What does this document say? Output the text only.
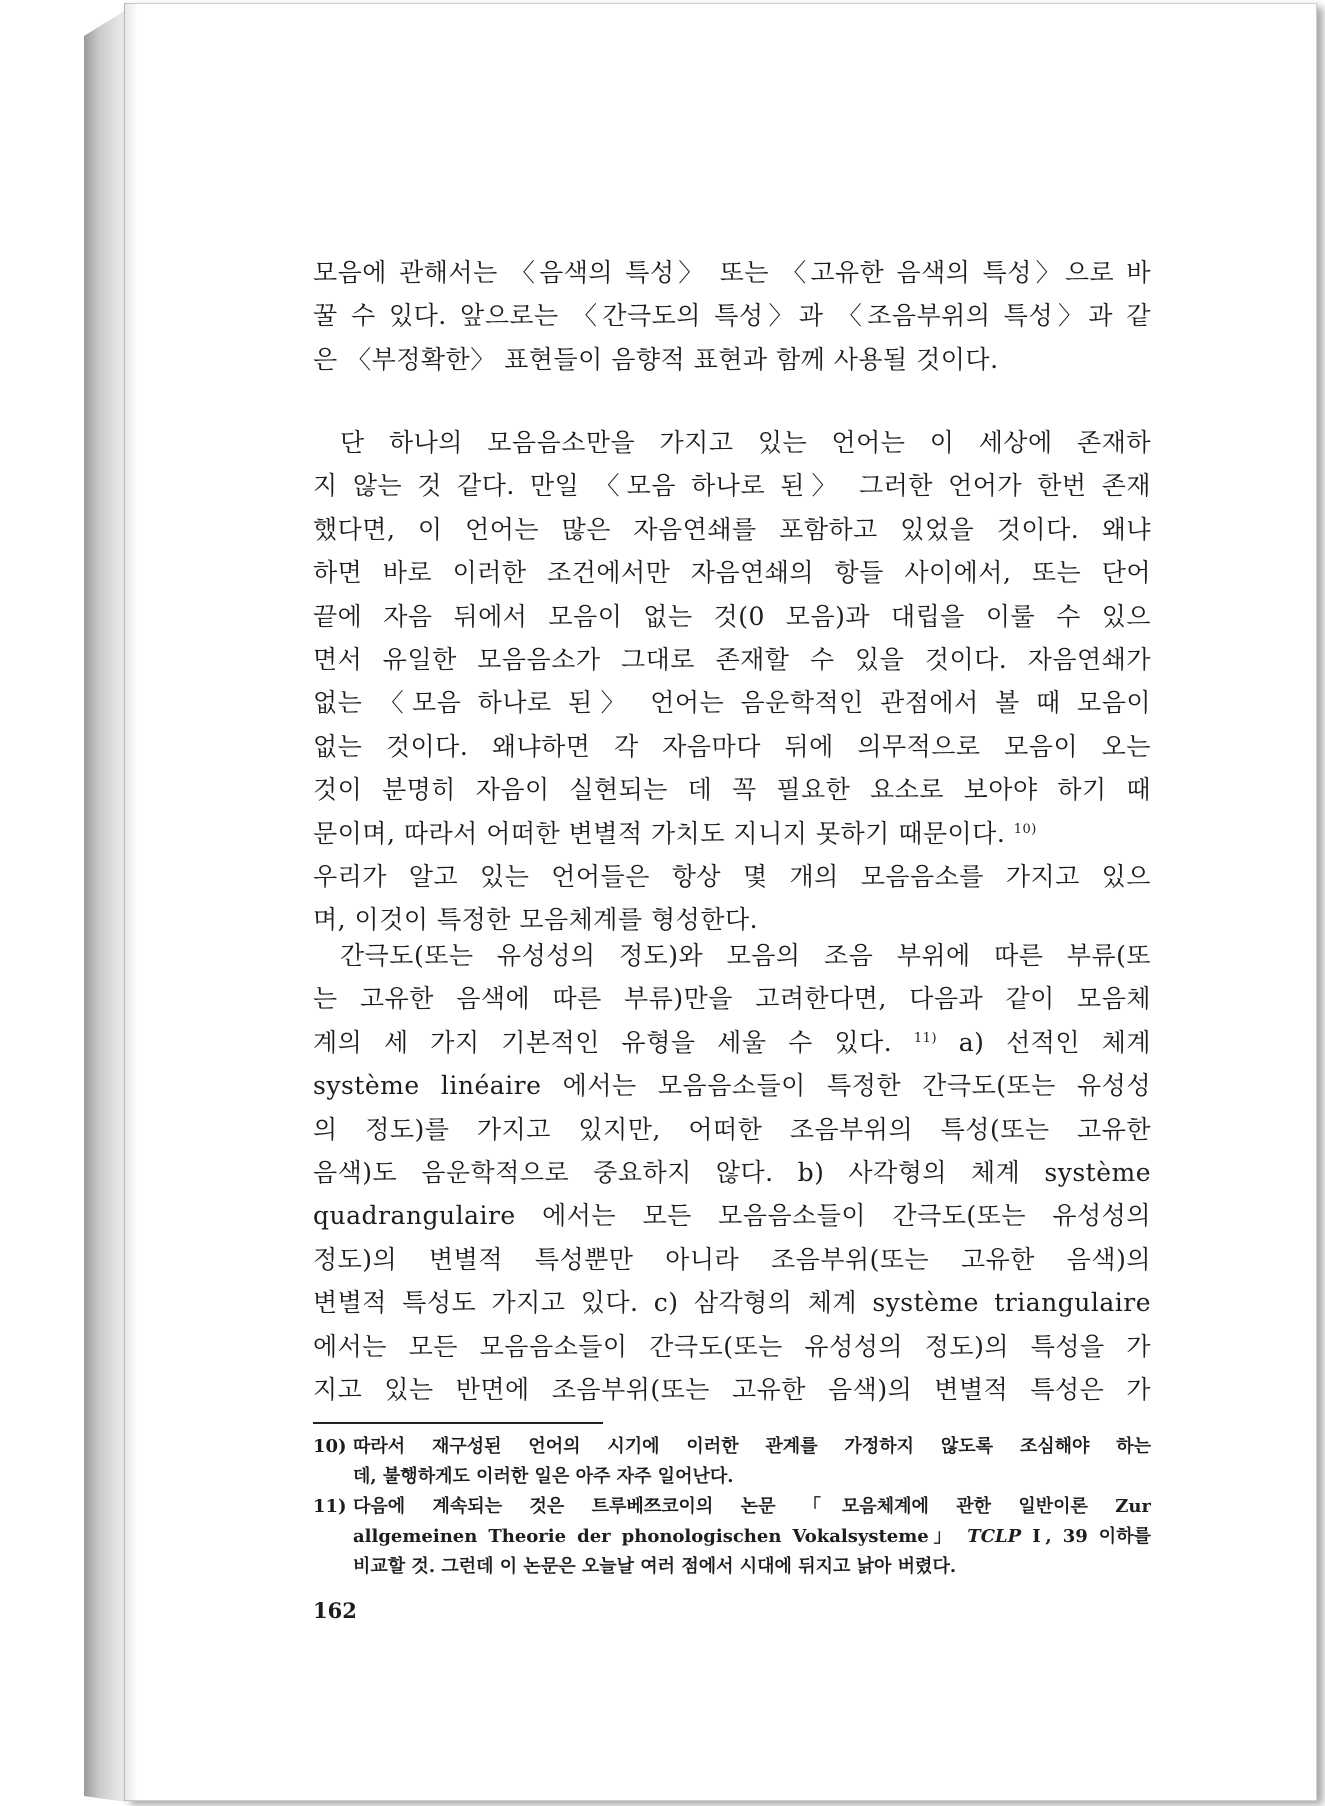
모음에 관해서는 〈음색의 특성〉 또는 〈고유한 음색의 특성〉으로 바
꿀 수 있다. 앞으로는 〈간극도의 특성〉과 〈조음부위의 특성〉과 같
은 〈부정확한〉 표현들이 음향적 표현과 함께 사용될 것이다.
단 하나의 모음음소만을 가지고 있는 언어는 이 세상에 존재하
지 않는 것 같다. 만일 〈모음 하나로 된〉 그러한 언어가 한번 존재
했다면, 이 언어는 많은 자음연쇄를 포함하고 있었을 것이다. 왜냐
하면 바로 이러한 조건에서만 자음연쇄의 항들 사이에서, 또는 단어
끝에 자음 뒤에서 모음이 없는 것(0 모음)과 대립을 이룰 수 있으
면서 유일한 모음음소가 그대로 존재할 수 있을 것이다. 자음연쇄가
없는 〈모음 하나로 된〉 언어는 음운학적인 관점에서 볼 때 모음이
없는 것이다. 왜냐하면 각 자음마다 뒤에 의무적으로 모음이 오는
것이 분명히 자음이 실현되는 데 꼭 필요한 요소로 보아야 하기 때
문이며, 따라서 어떠한 변별적 가치도 지니지 못하기 때문이다. $^{10)}$
우리가 알고 있는 언어들은 항상 몇 개의 모음음소를 가지고 있으
며, 이것이 특정한 모음체계를 형성한다.
간극도(또는 유성성의 정도)와 모음의 조음 부위에 따른 부류(또
는 고유한 음색에 따른 부류)만을 고려한다면, 다음과 같이 모음체
계의 세 가지 기본적인 유형을 세울 수 있다. $^{11)}$ a) 선적인 체계
système linéaire 에서는 모음음소들이 특정한 간극도(또는 유성성
의 정도)를 가지고 있지만, 어떠한 조음부위의 특성(또는 고유한
음색)도 음운학적으로 중요하지 않다. b) 사각형의 체계 système
quadrangulaire 에서는 모든 모음음소들이 간극도(또는 유성성의
정도)의 변별적 특성뿐만 아니라 조음부위(또는 고유한 음색)의
변별적 특성도 가지고 있다. c) 삼각형의 체계 système triangulaire
에서는 모든 모음음소들이 간극도(또는 유성성의 정도)의 특성을 가
지고 있는 반면에 조음부위(또는 고유한 음색)의 변별적 특성은 가
10) 따라서 재구성된 언어의 시기에 이러한 관계를 가정하지 않도록 조심해야 하는
데, 불행하게도 이러한 일은 아주 자주 일어난다.
11) 다음에 계속되는 것은 트루베쯔코이의 논문 「모음체계에 관한 일반이론 Zur
allgemeinen Theorie der phonologischen Vokalsysteme」 TCLP Ⅰ, 39 이하를
비교할 것. 그런데 이 논문은 오늘날 여러 점에서 시대에 뒤지고 낡아 버렸다.
162
